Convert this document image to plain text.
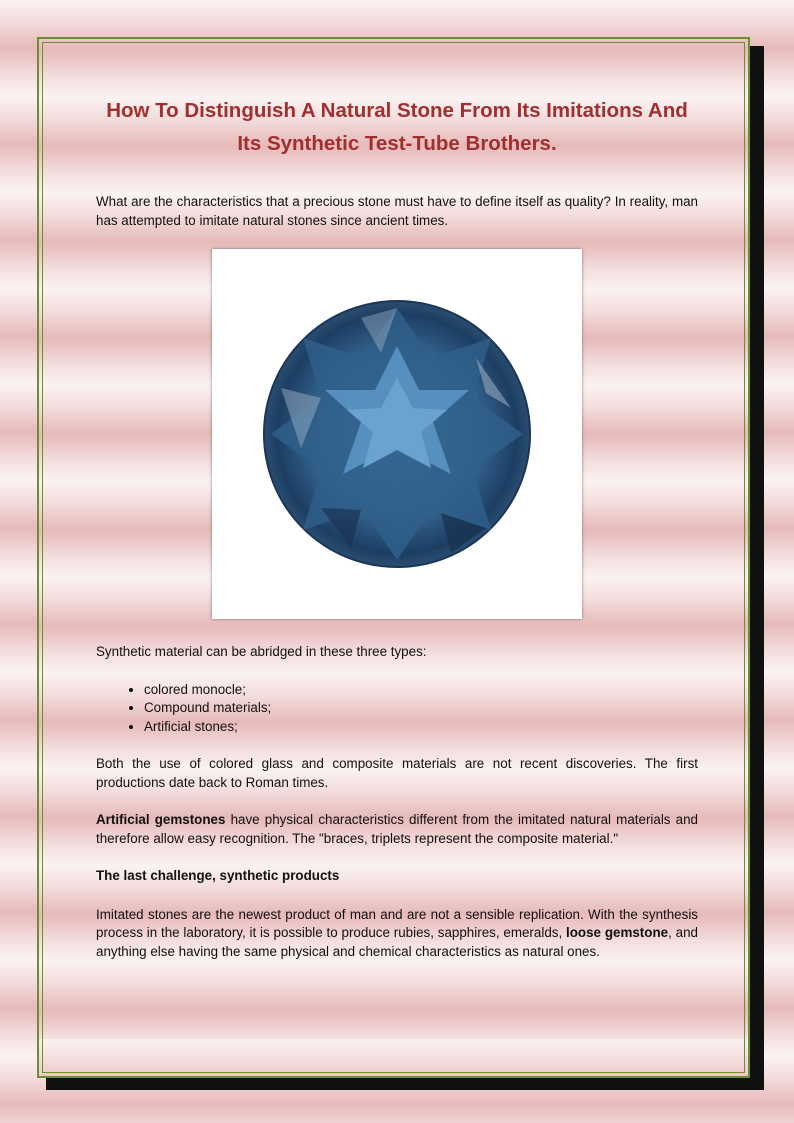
How To Distinguish A Natural Stone From Its Imitations And Its Synthetic Test-Tube Brothers.

What are the characteristics that a precious stone must have to define itself as quality? In reality, man has attempted to imitate natural stones since ancient times.

Synthetic material can be abridged in these three types:

• colored monocle;
• Compound materials;
• Artificial stones;

Both the use of colored glass and composite materials are not recent discoveries. The first productions date back to Roman times.

Artificial gemstones have physical characteristics different from the imitated natural materials and therefore allow easy recognition. The "braces, triplets represent the composite material."

The last challenge, synthetic products

Imitated stones are the newest product of man and are not a sensible replication. With the synthesis process in the laboratory, it is possible to produce rubies, sapphires, emeralds, loose gemstone, and anything else having the same physical and chemical characteristics as natural ones.
